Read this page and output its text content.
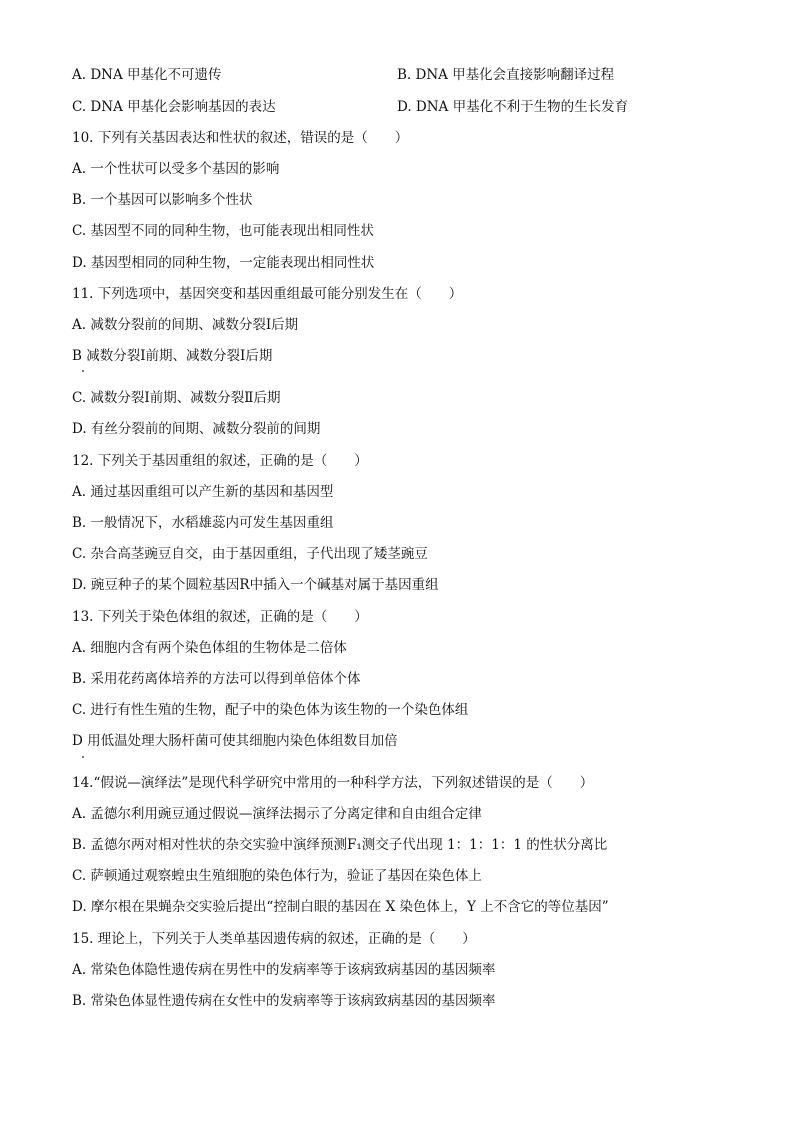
A. DNA 甲基化不可遗传	B. DNA 甲基化会直接影响翻译过程
C. DNA 甲基化会影响基因的表达	D. DNA 甲基化不利于生物的生长发育
10. 下列有关基因表达和性状的叙述，错误的是（　　）
A. 一个性状可以受多个基因的影响
B. 一个基因可以影响多个性状
C. 基因型不同的同种生物，也可能表现出相同性状
D. 基因型相同的同种生物，一定能表现出相同性状
11. 下列选项中，基因突变和基因重组最可能分别发生在（　　）
A. 减数分裂前的间期、减数分裂Ⅰ后期
B 减数分裂Ⅰ前期、减数分裂Ⅰ后期
C. 减数分裂Ⅰ前期、减数分裂Ⅱ后期
D. 有丝分裂前的间期、减数分裂前的间期
12. 下列关于基因重组的叙述，正确的是（　　）
A. 通过基因重组可以产生新的基因和基因型
B. 一般情况下，水稻雄蕊内可发生基因重组
C. 杂合高茎豌豆自交，由于基因重组，子代出现了矮茎豌豆
D. 豌豆种子的某个圆粒基因R中插入一个碱基对属于基因重组
13. 下列关于染色体组的叙述，正确的是（　　）
A. 细胞内含有两个染色体组的生物体是二倍体
B. 采用花药离体培养的方法可以得到单倍体个体
C. 进行有性生殖的生物，配子中的染色体为该生物的一个染色体组
D 用低温处理大肠杆菌可使其细胞内染色体组数目加倍
14.“假说—演绎法”是现代科学研究中常用的一种科学方法，下列叙述错误的是（　　）
A. 孟德尔利用豌豆通过假说—演绎法揭示了分离定律和自由组合定律
B. 孟德尔两对相对性状的杂交实验中演绎预测F₁测交子代出现 1：1：1：1 的性状分离比
C. 萨顿通过观察蝗虫生殖细胞的染色体行为，验证了基因在染色体上
D. 摩尔根在果蝇杂交实验后提出“控制白眼的基因在 X 染色体上，Y 上不含它的等位基因”
15. 理论上，下列关于人类单基因遗传病的叙述，正确的是（　　）
A. 常染色体隐性遗传病在男性中的发病率等于该病致病基因的基因频率
B. 常染色体显性遗传病在女性中的发病率等于该病致病基因的基因频率
